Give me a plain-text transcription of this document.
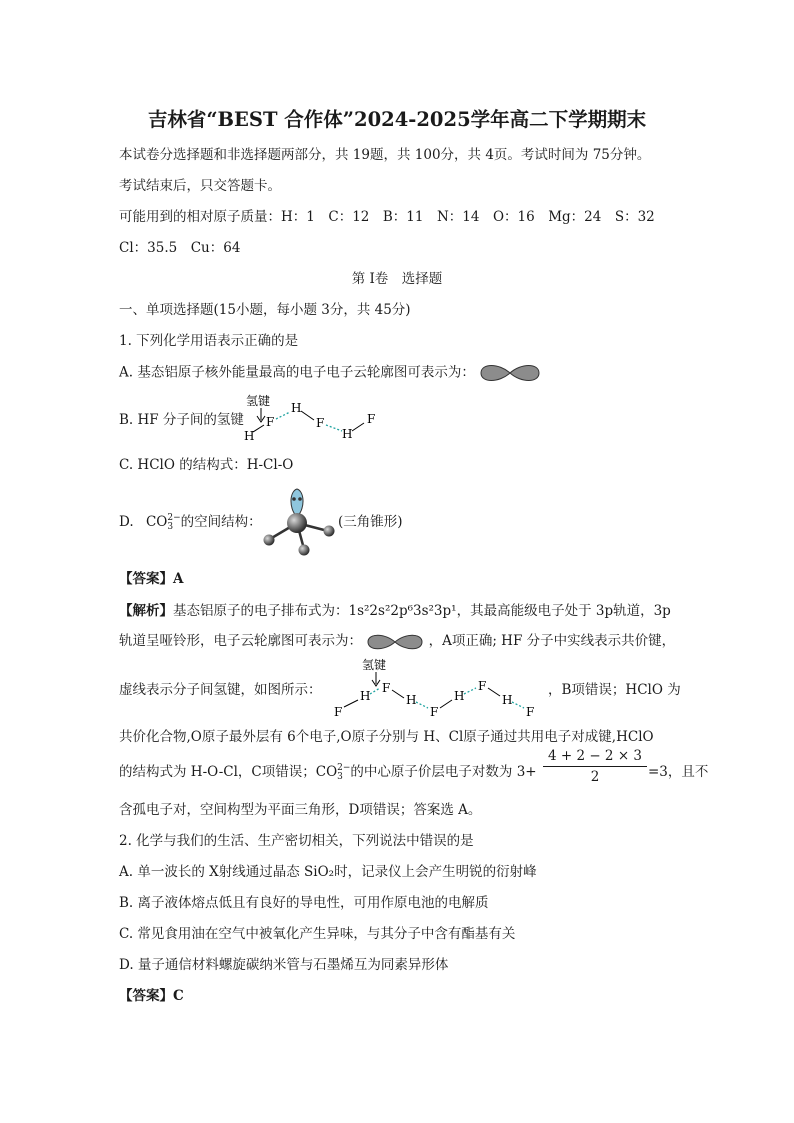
吉林省“BEST 合作体”2024-2025学年高二下学期期末
本试卷分选择题和非选择题两部分，共 19题，共 100分，共 4页。考试时间为 75分钟。
考试结束后，只交答题卡。
可能用到的相对原子质量：H：1　C：12　B：11　N：14　O：16　Mg：24　S：32
Cl：35.5　Cu：64
第 I卷　选择题
一、单项选择题(15小题，每小题 3分，共 45分)
1. 下列化学用语表示正确的是
A. 基态铝原子核外能量最高的电子电子云轮廓图可表示为：
B. HF 分子间的氢键
氢键
H
F
H
F
H
F
C. HClO 的结构式：H-Cl-O
D. CO 2−
3 的空间结构：	(三角锥形)
【答案】A
【解析】基态铝原子的电子排布式为：1s²2s²2p⁶3s²3p¹，其最高能级电子处于 3p轨道，3p
轨道呈哑铃形，电子云轮廓图可表示为：	，A项正确; HF 分子中实线表示共价键，
虚线表示分子间氢键，如图所示：
氢键
F
H
F
H
F
H
F
H
F
，B项错误；HClO 为
共价化合物,O原子最外层有 6个电子,O原子分别与 H、Cl原子通过共用电子对成键,HClO
的结构式为 H-O-Cl，C项错误；CO 2−
3 的中心原子价层电子对数为 3+
4 + 2 − 2 × 3
2	=3，且不
含孤电子对，空间构型为平面三角形，D项错误；答案选 A。
2. 化学与我们的生活、生产密切相关，下列说法中错误的是
A. 单一波长的 X射线通过晶态 SiO₂时，记录仪上会产生明锐的衍射峰
B. 离子液体熔点低且有良好的导电性，可用作原电池的电解质
C. 常见食用油在空气中被氧化产生异味，与其分子中含有酯基有关
D. 量子通信材料螺旋碳纳米管与石墨烯互为同素异形体
【答案】C
